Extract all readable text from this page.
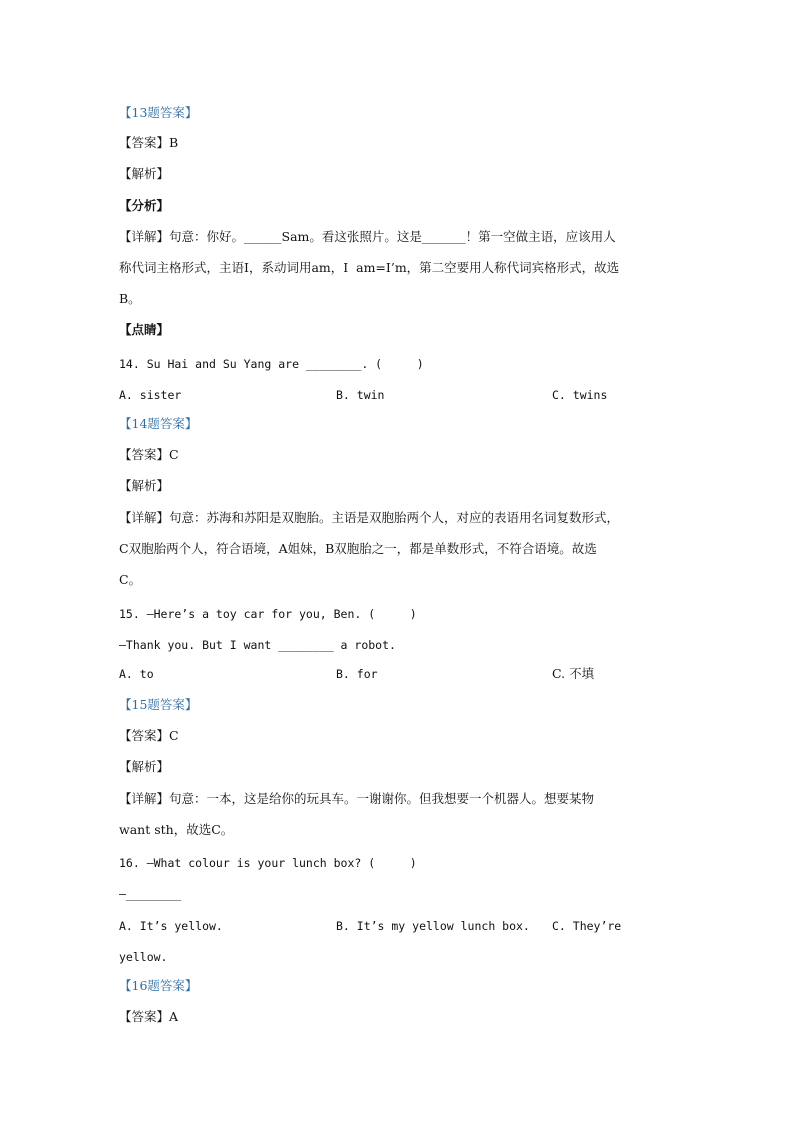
【13题答案】
【答案】B
【解析】
【分析】
【详解】句意：你好。______Sam。看这张照片。这是_______！第一空做主语，应该用人
称代词主格形式，主语I，系动词用am，I  am=I’m，第二空要用人称代词宾格形式，故选
B。
【点睛】
14. Su Hai and Su Yang are ________. (     )
A. sister	B. twin	C. twins
【14题答案】
【答案】C
【解析】
【详解】句意：苏海和苏阳是双胞胎。主语是双胞胎两个人，对应的表语用名词复数形式，
C双胞胎两个人，符合语境，A姐妹，B双胞胎之一，都是单数形式，不符合语境。故选
C。
15. —Here’s a toy car for you, Ben. (     )
—Thank you. But I want ________ a robot.
A. to	B. for	C. 不填
【15题答案】
【答案】C
【解析】
【详解】句意：一本，这是给你的玩具车。一谢谢你。但我想要一个机器人。想要某物
want sth，故选C。
16. —What colour is your lunch box? (     )
—________
A. It’s yellow.	B. It’s my yellow lunch box. C. They’re
yellow.
【16题答案】
【答案】A
